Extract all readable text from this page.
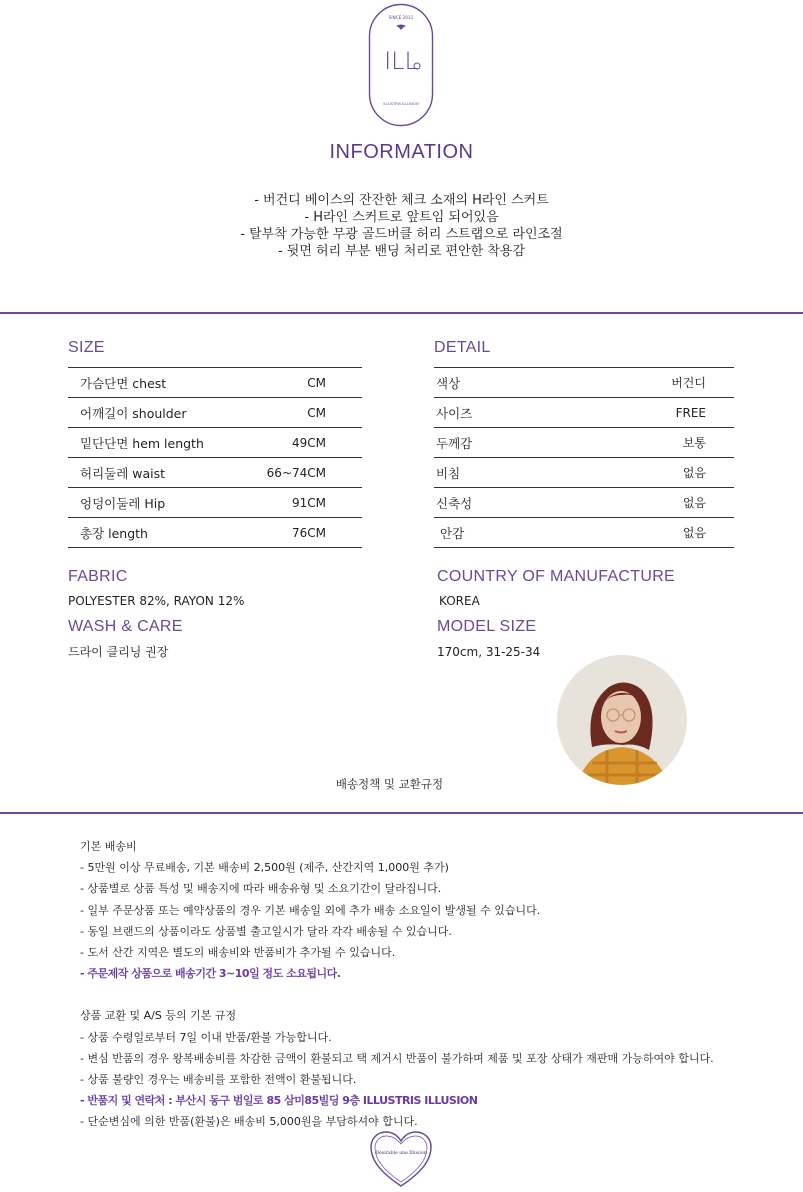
SINCE 2011
ILL
ILLUSTRIS ILLUSION
INFORMATION
- 버건디 베이스의 잔잔한 체크 소재의 H라인 스커트
- H라인 스커트로 앞트임 되어있음
- 탈부착 가능한 무광 골드버클 허리 스트랩으로 라인조절
- 뒷면 허리 부분 밴딩 처리로 편안한 착용감
SIZE
가슴단면 chest	CM
어깨길이 shoulder	CM
밑단단면 hem length	49CM
허리둘레 waist	66~74CM
엉덩이둘레 Hip	91CM
총장 length	76CM
DETAIL
색상	버건디
사이즈	FREE
두께감	보통
비침	없음
신축성	없음
안감	없음
FABRIC
POLYESTER 82%, RAYON 12%
WASH & CARE
드라이 클리닝 권장
COUNTRY OF MANUFACTURE
KOREA
MODEL SIZE
170cm, 31-25-34
배송정책 및 교환규정
기본 배송비
- 5만원 이상 무료배송, 기본 배송비 2,500원 (제주, 산간지역 1,000원 추가)
- 상품별로 상품 특성 및 배송지에 따라 배송유형 및 소요기간이 달라집니다.
- 일부 주문상품 또는 예약상품의 경우 기본 배송일 외에 추가 배송 소요일이 발생될 수 있습니다.
- 동일 브랜드의 상품이라도 상품별 출고일시가 달라 각각 배송될 수 있습니다.
- 도서 산간 지역은 별도의 배송비와 반품비가 추가될 수 있습니다.
- 주문제작 상품으로 배송기간 3~10일 정도 소요됩니다.
상품 교환 및 A/S 등의 기본 규정
- 상품 수령일로부터 7일 이내 반품/환불 가능합니다.
- 변심 반품의 경우 왕복배송비를 차감한 금액이 환불되고 택 제거시 반품이 불가하며 제품 및 포장 상태가 재판매 가능하여야 합니다.
- 상품 불량인 경우는 배송비를 포함한 전액이 환불됩니다.
- 반품지 및 연락처 : 부산시 동구 범일로 85 삼미85빌딩 9층 ILLUSTRIS ILLUSION
- 단순변심에 의한 반품(환불)은 배송비 5,000원을 부담하셔야 합니다.
Désirable une Illusion
